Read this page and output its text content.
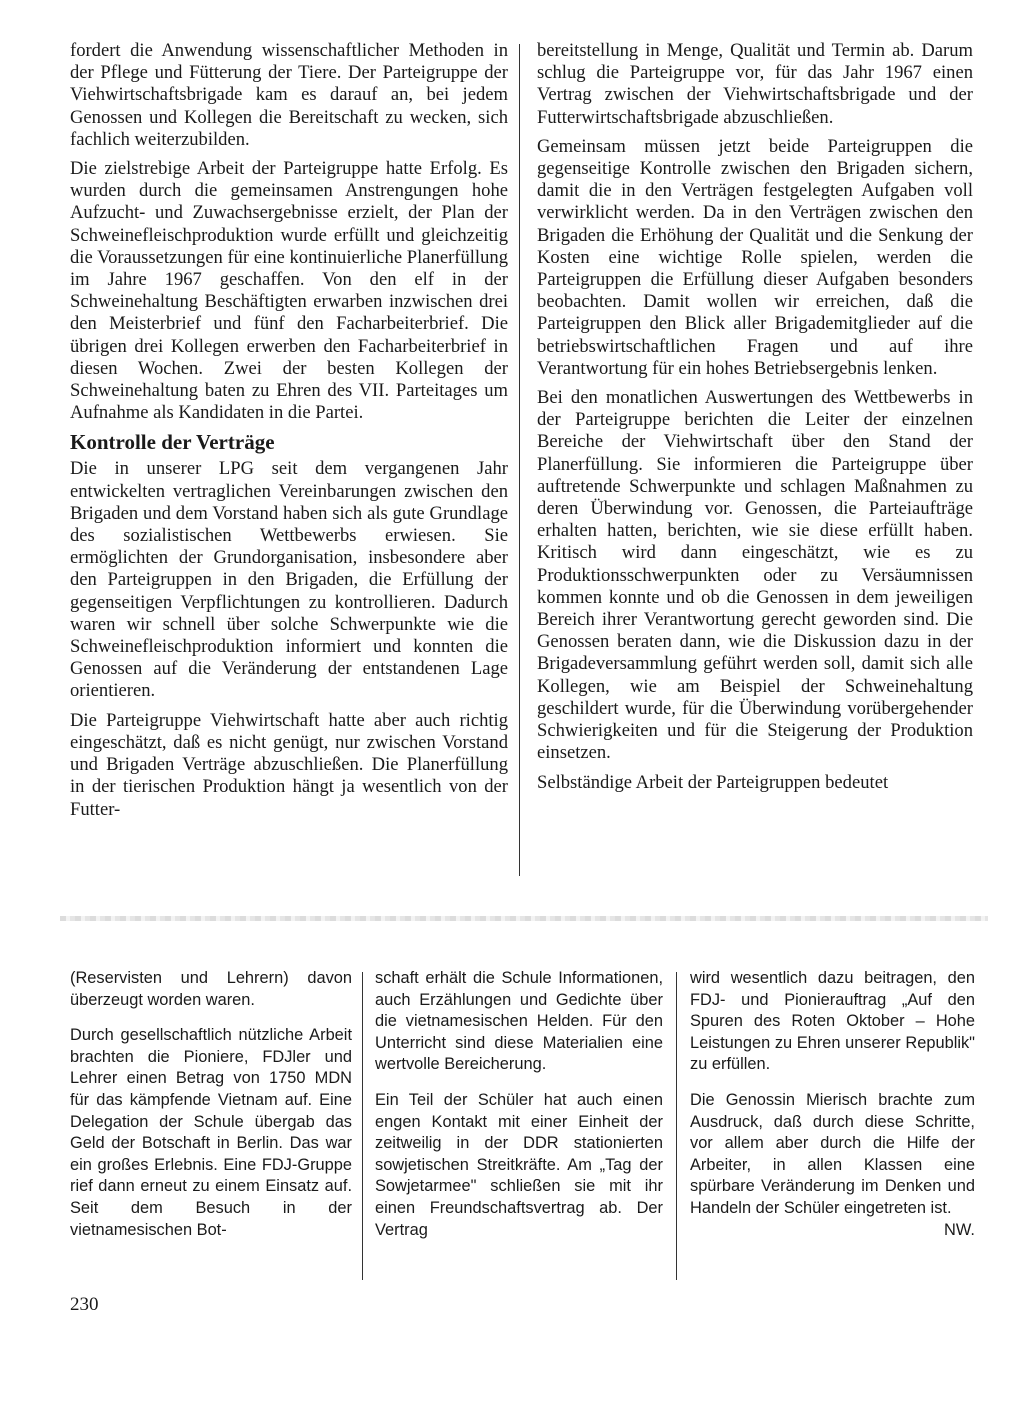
fordert die Anwendung wissenschaftlicher Methoden in der Pflege und Fütterung der Tiere. Der Parteigruppe der Viehwirtschaftsbrigade kam es darauf an, bei jedem Genossen und Kollegen die Bereitschaft zu wecken, sich fachlich weiterzubilden.

Die zielstrebige Arbeit der Parteigruppe hatte Erfolg. Es wurden durch die gemeinsamen Anstrengungen hohe Aufzucht- und Zuwachsergebnisse erzielt, der Plan der Schweinefleischproduktion wurde erfüllt und gleichzeitig die Voraussetzungen für eine kontinuierliche Planerfüllung im Jahre 1967 geschaffen. Von den elf in der Schweinehaltung Beschäftigten erwarben inzwischen drei den Meisterbrief und fünf den Facharbeiterbrief. Die übrigen drei Kollegen erwerben den Facharbeiterbrief in diesen Wochen. Zwei der besten Kollegen der Schweinehaltung baten zu Ehren des VII. Parteitages um Aufnahme als Kandidaten in die Partei.

Kontrolle der Verträge

Die in unserer LPG seit dem vergangenen Jahr entwickelten vertraglichen Vereinbarungen zwischen den Brigaden und dem Vorstand haben sich als gute Grundlage des sozialistischen Wettbewerbs erwiesen. Sie ermöglichten der Grundorganisation, insbesondere aber den Parteigruppen in den Brigaden, die Erfüllung der gegenseitigen Verpflichtungen zu kontrollieren. Dadurch waren wir schnell über solche Schwerpunkte wie die Schweinefleischproduktion informiert und konnten die Genossen auf die Veränderung der entstandenen Lage orientieren.

Die Parteigruppe Viehwirtschaft hatte aber auch richtig eingeschätzt, daß es nicht genügt, nur zwischen Vorstand und Brigaden Verträge abzuschließen. Die Planerfüllung in der tierischen Produktion hängt ja wesentlich von der Futter-

bereitstellung in Menge, Qualität und Termin ab. Darum schlug die Parteigruppe vor, für das Jahr 1967 einen Vertrag zwischen der Viehwirtschaftsbrigade und der Futterwirtschaftsbrigade abzuschließen.

Gemeinsam müssen jetzt beide Parteigruppen die gegenseitige Kontrolle zwischen den Brigaden sichern, damit die in den Verträgen festgelegten Aufgaben voll verwirklicht werden. Da in den Verträgen zwischen den Brigaden die Erhöhung der Qualität und die Senkung der Kosten eine wichtige Rolle spielen, werden die Parteigruppen die Erfüllung dieser Aufgaben besonders beobachten. Damit wollen wir erreichen, daß die Parteigruppen den Blick aller Brigademitglieder auf die betriebswirtschaftlichen Fragen und auf ihre Verantwortung für ein hohes Betriebsergebnis lenken.

Bei den monatlichen Auswertungen des Wettbewerbs in der Parteigruppe berichten die Leiter der einzelnen Bereiche der Viehwirtschaft über den Stand der Planerfüllung. Sie informieren die Parteigruppe über auftretende Schwerpunkte und schlagen Maßnahmen zu deren Überwindung vor. Genossen, die Parteiaufträge erhalten hatten, berichten, wie sie diese erfüllt haben. Kritisch wird dann eingeschätzt, wie es zu Produktionsschwerpunkten oder zu Versäumnissen kommen konnte und ob die Genossen in dem jeweiligen Bereich ihrer Verantwortung gerecht geworden sind. Die Genossen beraten dann, wie die Diskussion dazu in der Brigadeversammlung geführt werden soll, damit sich alle Kollegen, wie am Beispiel der Schweinehaltung geschildert wurde, für die Überwindung vorübergehender Schwierigkeiten und für die Steigerung der Produktion einsetzen.

Selbständige Arbeit der Parteigruppen bedeutet

(Reservisten und Lehrern) davon überzeugt worden waren.

Durch gesellschaftlich nützliche Arbeit brachten die Pioniere, FDJler und Lehrer einen Betrag von 1750 MDN für das kämpfende Vietnam auf. Eine Delegation der Schule übergab das Geld der Botschaft in Berlin. Das war ein großes Erlebnis. Eine FDJ-Gruppe rief dann erneut zu einem Einsatz auf. Seit dem Besuch in der vietnamesischen Bot-

schaft erhält die Schule Informationen, auch Erzählungen und Gedichte über die vietnamesischen Helden. Für den Unterricht sind diese Materialien eine wertvolle Bereicherung.

Ein Teil der Schüler hat auch einen engen Kontakt mit einer Einheit der zeitweilig in der DDR stationierten sowjetischen Streitkräfte. Am „Tag der Sowjetarmee" schließen sie mit ihr einen Freundschaftsvertrag ab. Der Vertrag

wird wesentlich dazu beitragen, den FDJ- und Pionierauftrag „Auf den Spuren des Roten Oktober – Hohe Leistungen zu Ehren unserer Republik" zu erfüllen.

Die Genossin Mierisch brachte zum Ausdruck, daß durch diese Schritte, vor allem aber durch die Hilfe der Arbeiter, in allen Klassen eine spürbare Veränderung im Denken und Handeln der Schüler eingetreten ist.
NW.

230
